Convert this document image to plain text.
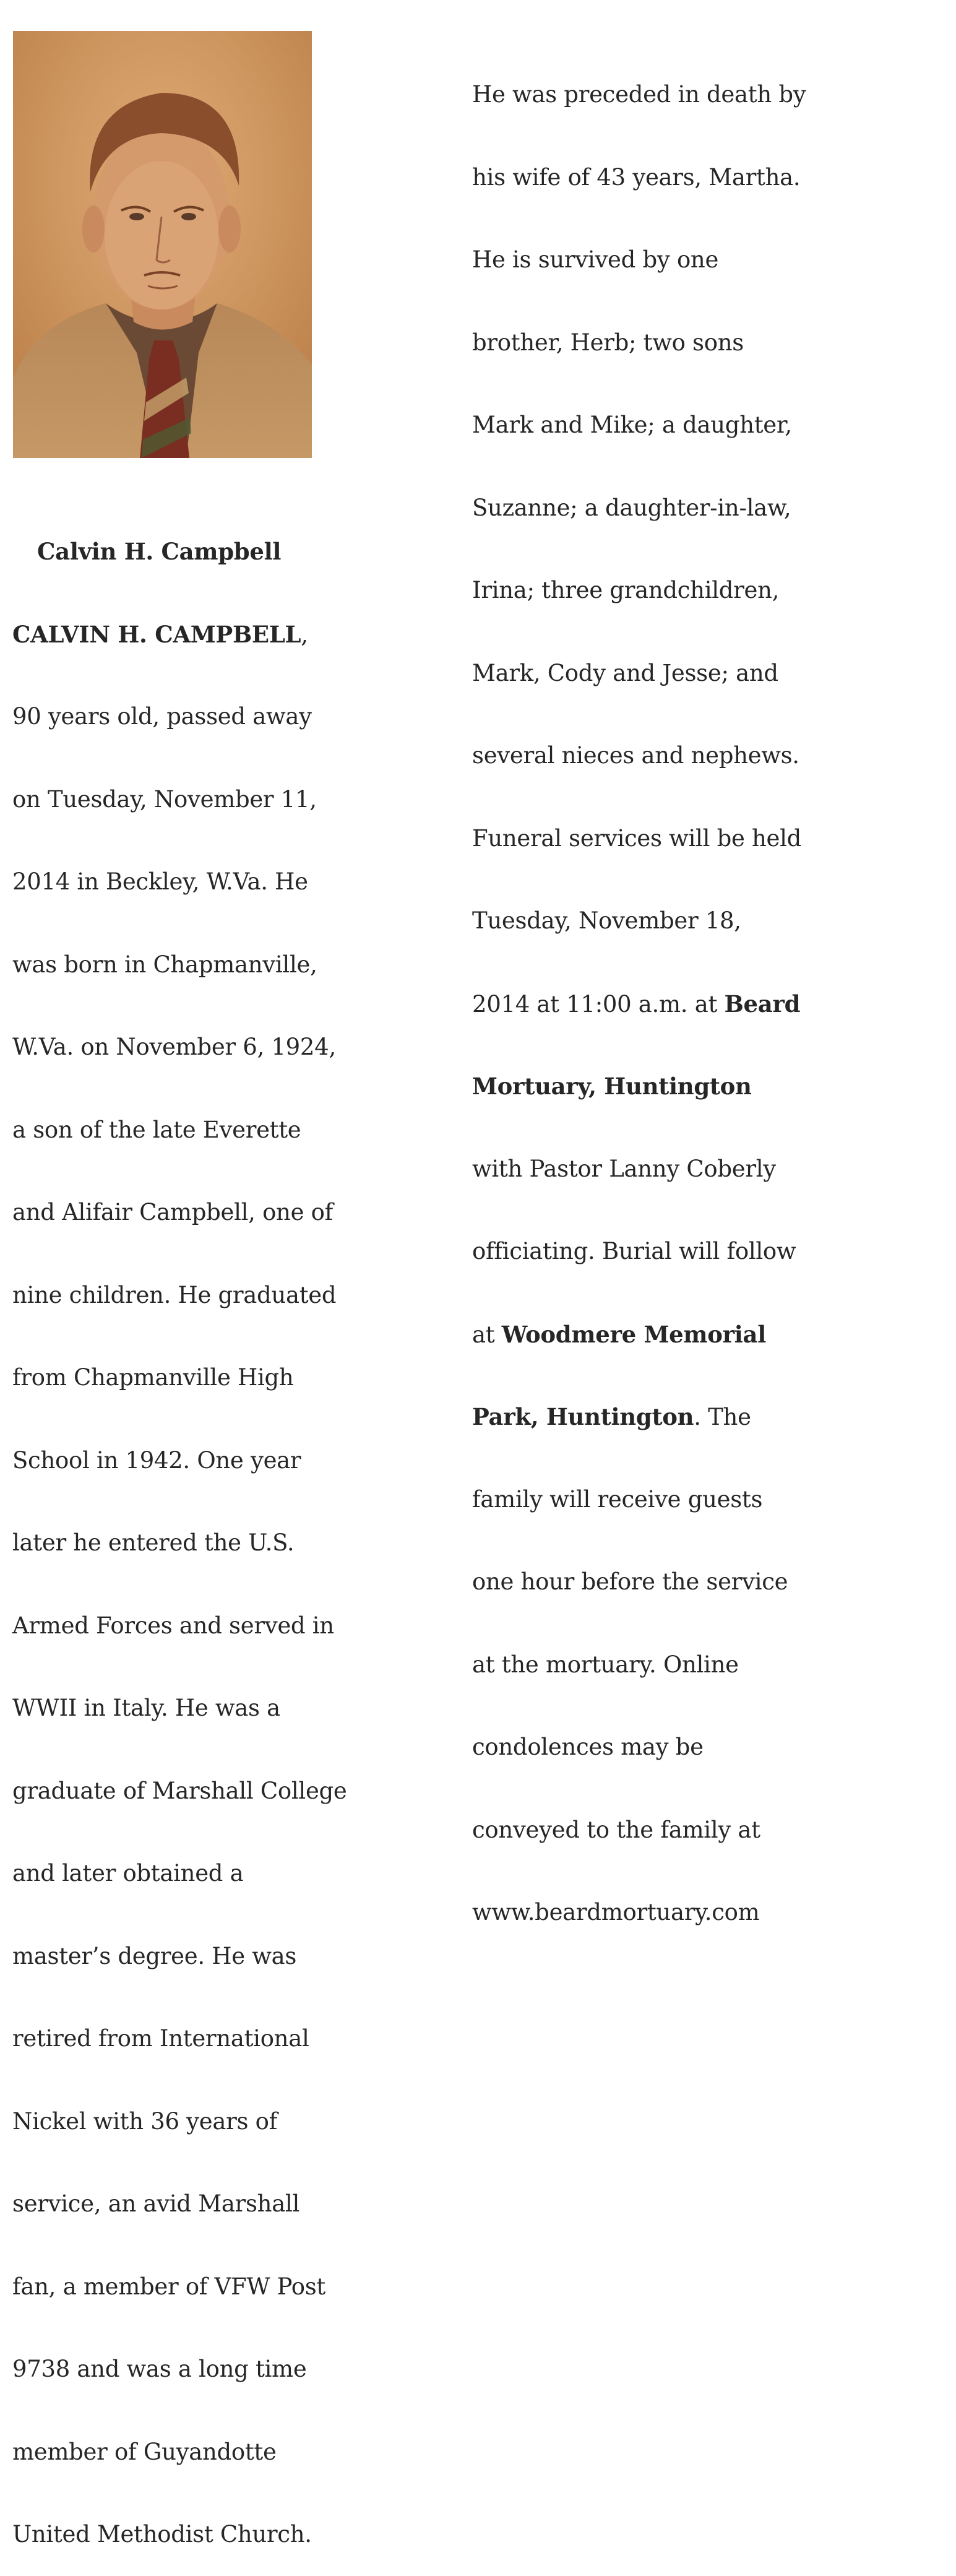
Calvin H. Campbell

CALVIN H. CAMPBELL,

90 years old, passed away

on Tuesday, November 11,

2014 in Beckley, W.Va. He

was born in Chapmanville,

W.Va. on November 6, 1924,

a son of the late Everette

and Alifair Campbell, one of

nine children. He graduated

from Chapmanville High

School in 1942. One year

later he entered the U.S.

Armed Forces and served in

WWII in Italy. He was a

graduate of Marshall College

and later obtained a

master’s degree. He was

retired from International

Nickel with 36 years of

service, an avid Marshall

fan, a member of VFW Post

9738 and was a long time

member of Guyandotte

United Methodist Church.

He was preceded in death by

his wife of 43 years, Martha.

He is survived by one

brother, Herb; two sons

Mark and Mike; a daughter,

Suzanne; a daughter-in-law,

Irina; three grandchildren,

Mark, Cody and Jesse; and

several nieces and nephews.

Funeral services will be held

Tuesday, November 18,

2014 at 11:00 a.m. at Beard

Mortuary, Huntington

with Pastor Lanny Coberly

officiating. Burial will follow

at Woodmere Memorial

Park, Huntington. The

family will receive guests

one hour before the service

at the mortuary. Online

condolences may be

conveyed to the family at

www.beardmortuary.com
